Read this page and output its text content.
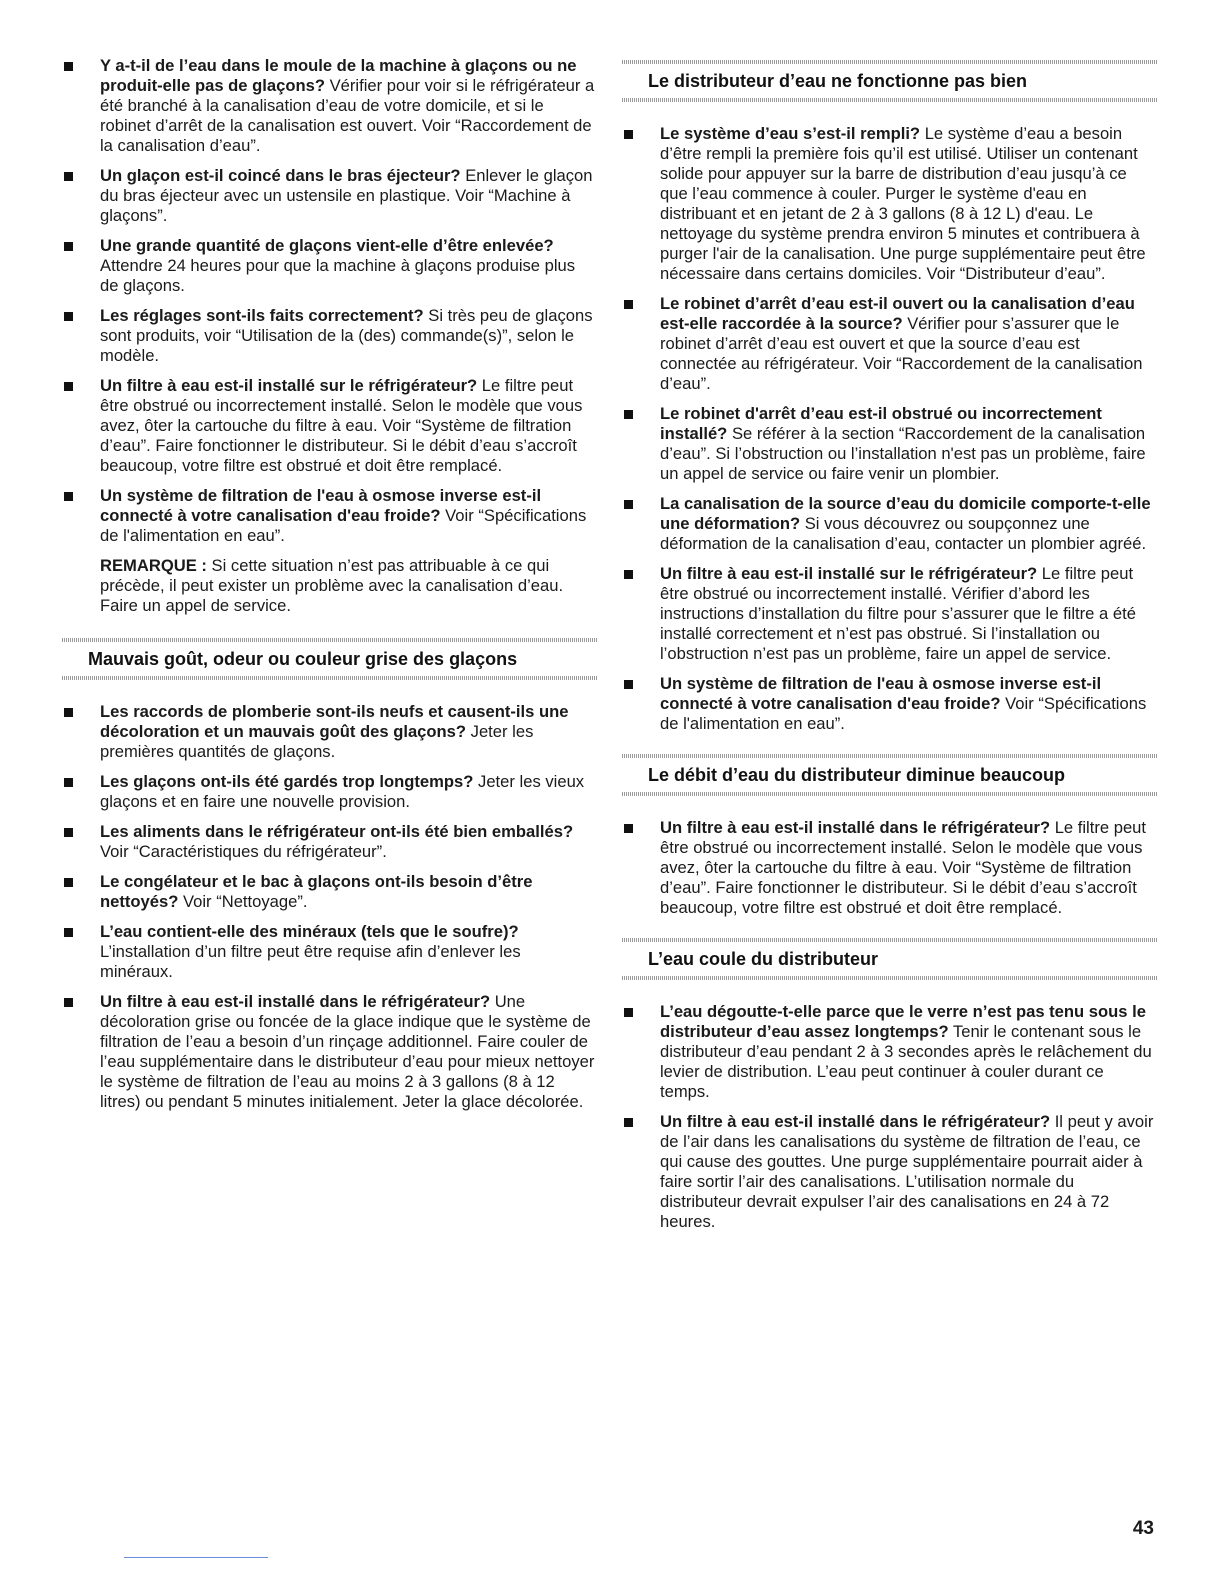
Y a-t-il de l’eau dans le moule de la machine à glaçons ou ne produit-elle pas de glaçons? Vérifier pour voir si le réfrigérateur a été branché à la canalisation d’eau de votre domicile, et si le robinet d’arrêt de la canalisation est ouvert. Voir “Raccordement de la canalisation d’eau”.
Un glaçon est-il coincé dans le bras éjecteur? Enlever le glaçon du bras éjecteur avec un ustensile en plastique. Voir “Machine à glaçons”.
Une grande quantité de glaçons vient-elle d’être enlevée? Attendre 24 heures pour que la machine à glaçons produise plus de glaçons.
Les réglages sont-ils faits correctement? Si très peu de glaçons sont produits, voir “Utilisation de la (des) commande(s)”, selon le modèle.
Un filtre à eau est-il installé sur le réfrigérateur? Le filtre peut être obstrué ou incorrectement installé. Selon le modèle que vous avez, ôter la cartouche du filtre à eau. Voir “Système de filtration d’eau”. Faire fonctionner le distributeur. Si le débit d’eau s’accroît beaucoup, votre filtre est obstrué et doit être remplacé.
Un système de filtration de l'eau à osmose inverse est-il connecté à votre canalisation d'eau froide? Voir “Spécifications de l'alimentation en eau”.
REMARQUE : Si cette situation n’est pas attribuable à ce qui précède, il peut exister un problème avec la canalisation d’eau. Faire un appel de service.
Mauvais goût, odeur ou couleur grise des glaçons
Les raccords de plomberie sont-ils neufs et causent-ils une décoloration et un mauvais goût des glaçons? Jeter les premières quantités de glaçons.
Les glaçons ont-ils été gardés trop longtemps? Jeter les vieux glaçons et en faire une nouvelle provision.
Les aliments dans le réfrigérateur ont-ils été bien emballés? Voir “Caractéristiques du réfrigérateur”.
Le congélateur et le bac à glaçons ont-ils besoin d’être nettoyés? Voir “Nettoyage”.
L’eau contient-elle des minéraux (tels que le soufre)? L’installation d’un filtre peut être requise afin d’enlever les minéraux.
Un filtre à eau est-il installé dans le réfrigérateur? Une décoloration grise ou foncée de la glace indique que le système de filtration de l’eau a besoin d’un rinçage additionnel. Faire couler de l’eau supplémentaire dans le distributeur d’eau pour mieux nettoyer le système de filtration de l’eau au moins 2 à 3 gallons (8 à 12 litres) ou pendant 5 minutes initialement. Jeter la glace décolorée.
Le distributeur d’eau ne fonctionne pas bien
Le système d’eau s’est-il rempli? Le système d’eau a besoin d’être rempli la première fois qu’il est utilisé. Utiliser un contenant solide pour appuyer sur la barre de distribution d’eau jusqu’à ce que l’eau commence à couler. Purger le système d'eau en distribuant et en jetant de 2 à 3 gallons (8 à 12 L) d'eau. Le nettoyage du système prendra environ 5 minutes et contribuera à purger l'air de la canalisation. Une purge supplémentaire peut être nécessaire dans certains domiciles. Voir “Distributeur d’eau”.
Le robinet d’arrêt d’eau est-il ouvert ou la canalisation d’eau est-elle raccordée à la source? Vérifier pour s’assurer que le robinet d’arrêt d’eau est ouvert et que la source d’eau est connectée au réfrigérateur. Voir “Raccordement de la canalisation d’eau”.
Le robinet d'arrêt d’eau est-il obstrué ou incorrectement installé? Se référer à la section “Raccordement de la canalisation d’eau”. Si l’obstruction ou l’installation n'est pas un problème, faire un appel de service ou faire venir un plombier.
La canalisation de la source d’eau du domicile comporte-t-elle une déformation? Si vous découvrez ou soupçonnez une déformation de la canalisation d’eau, contacter un plombier agréé.
Un filtre à eau est-il installé sur le réfrigérateur? Le filtre peut être obstrué ou incorrectement installé. Vérifier d’abord les instructions d’installation du filtre pour s’assurer que le filtre a été installé correctement et n’est pas obstrué. Si l’installation ou l’obstruction n’est pas un problème, faire un appel de service.
Un système de filtration de l'eau à osmose inverse est-il connecté à votre canalisation d'eau froide? Voir “Spécifications de l'alimentation en eau”.
Le débit d’eau du distributeur diminue beaucoup
Un filtre à eau est-il installé dans le réfrigérateur? Le filtre peut être obstrué ou incorrectement installé. Selon le modèle que vous avez, ôter la cartouche du filtre à eau. Voir “Système de filtration d’eau”. Faire fonctionner le distributeur. Si le débit d’eau s’accroît beaucoup, votre filtre est obstrué et doit être remplacé.
L’eau coule du distributeur
L’eau dégoutte-t-elle parce que le verre n’est pas tenu sous le distributeur d’eau assez longtemps? Tenir le contenant sous le distributeur d’eau pendant 2 à 3 secondes après le relâchement du levier de distribution. L’eau peut continuer à couler durant ce temps.
Un filtre à eau est-il installé dans le réfrigérateur? Il peut y avoir de l’air dans les canalisations du système de filtration de l’eau, ce qui cause des gouttes. Une purge supplémentaire pourrait aider à faire sortir l’air des canalisations. L’utilisation normale du distributeur devrait expulser l’air des canalisations en 24 à 72 heures.
43
